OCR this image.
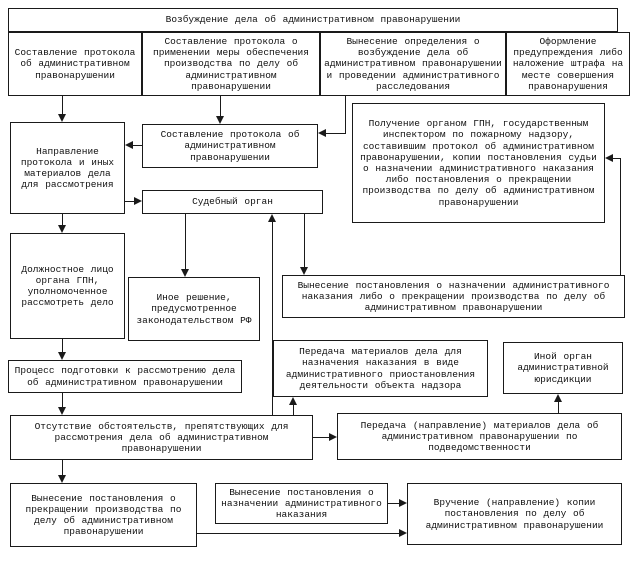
Возбуждение дела об административном правонарушении
Составление протокола об административном правонарушении
Составление протокола о применении меры обеспечения производства по делу об административном правонарушении
Вынесение определения о возбуждение дела об административном правонарушении и проведении административного расследования
Оформление предупреждения либо наложение штрафа на месте совершения правонарушения
Направление протокола и иных материалов дела для рассмотрения
Составление протокола об административном правонарушении
Получение органом ГПН, государственным инспектором по пожарному надзору, составившим протокол об административном правонарушении, копии постановления судьи о назначении административного наказания либо постановления о прекращении производства по делу об административном правонарушении
Судебный орган
Должностное лицо органа ГПН, уполномоченное рассмотреть дело	Иное решение, предусмотренное законодательством РФ
Вынесение постановления о назначении административного наказания либо о прекращении производства по делу об административном правонарушении
Процесс подготовки к рассмотрению дела об административном правонарушении
Передача материалов дела для назначения наказания в виде административного приостановления деятельности объекта надзора
Иной орган административной юрисдикции
Отсутствие обстоятельств, препятствующих для рассмотрения дела об административном правонарушении
Передача (направление) материалов дела об административном правонарушении по подведомственности
Вынесение постановления о прекращении производства по делу об административном правонарушении
Вынесение постановления о назначении административного наказания
Вручение (направление) копии постановления по делу об административном правонарушении
